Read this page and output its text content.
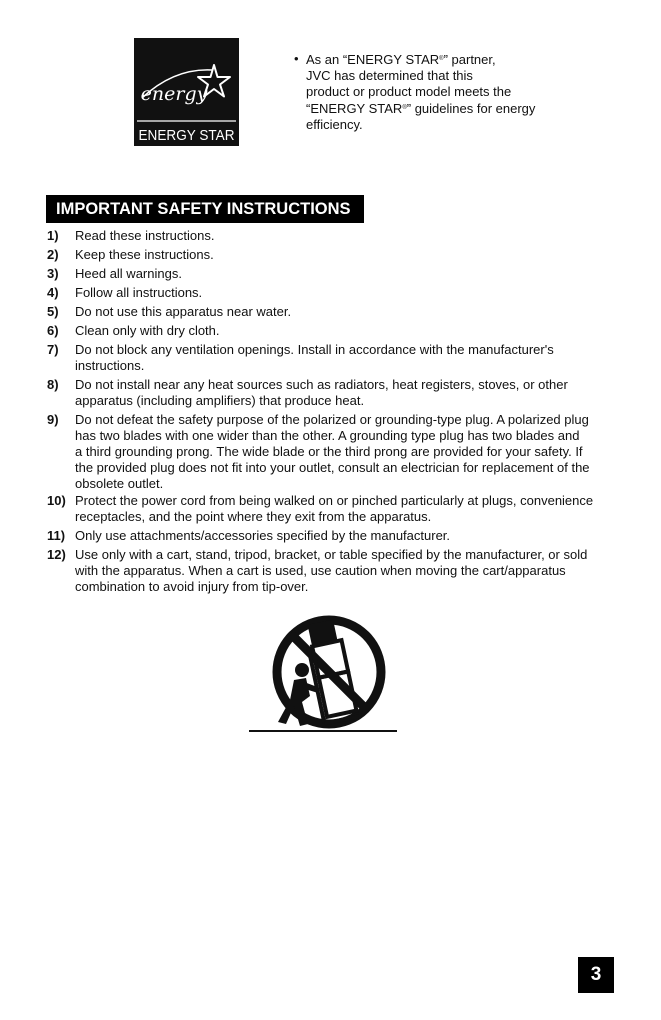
energy
ENERGY STAR
• As an “ENERGY STAR®” partner,
JVC has determined that this
product or product model meets the
“ENERGY STAR®” guidelines for energy
efficiency.
IMPORTANT SAFETY INSTRUCTIONS
1) Read these instructions.
2) Keep these instructions.
3) Heed all warnings.
4) Follow all instructions.
5) Do not use this apparatus near water.
6) Clean only with dry cloth.
7) Do not block any ventilation openings. Install in accordance with the manufacturer's
instructions.
8) Do not install near any heat sources such as radiators, heat registers, stoves, or other
apparatus (including amplifiers) that produce heat.
9) Do not defeat the safety purpose of the polarized or grounding-type plug. A polarized plug
has two blades with one wider than the other. A grounding type plug has two blades and
a third grounding prong. The wide blade or the third prong are provided for your safety. If
the provided plug does not fit into your outlet, consult an electrician for replacement of the
obsolete outlet.
10) Protect the power cord from being walked on or pinched particularly at plugs, convenience
receptacles, and the point where they exit from the apparatus.
11) Only use attachments/accessories specified by the manufacturer.
12) Use only with a cart, stand, tripod, bracket, or table specified by the manufacturer, or sold
with the apparatus. When a cart is used, use caution when moving the cart/apparatus
combination to avoid injury from tip-over.
3
